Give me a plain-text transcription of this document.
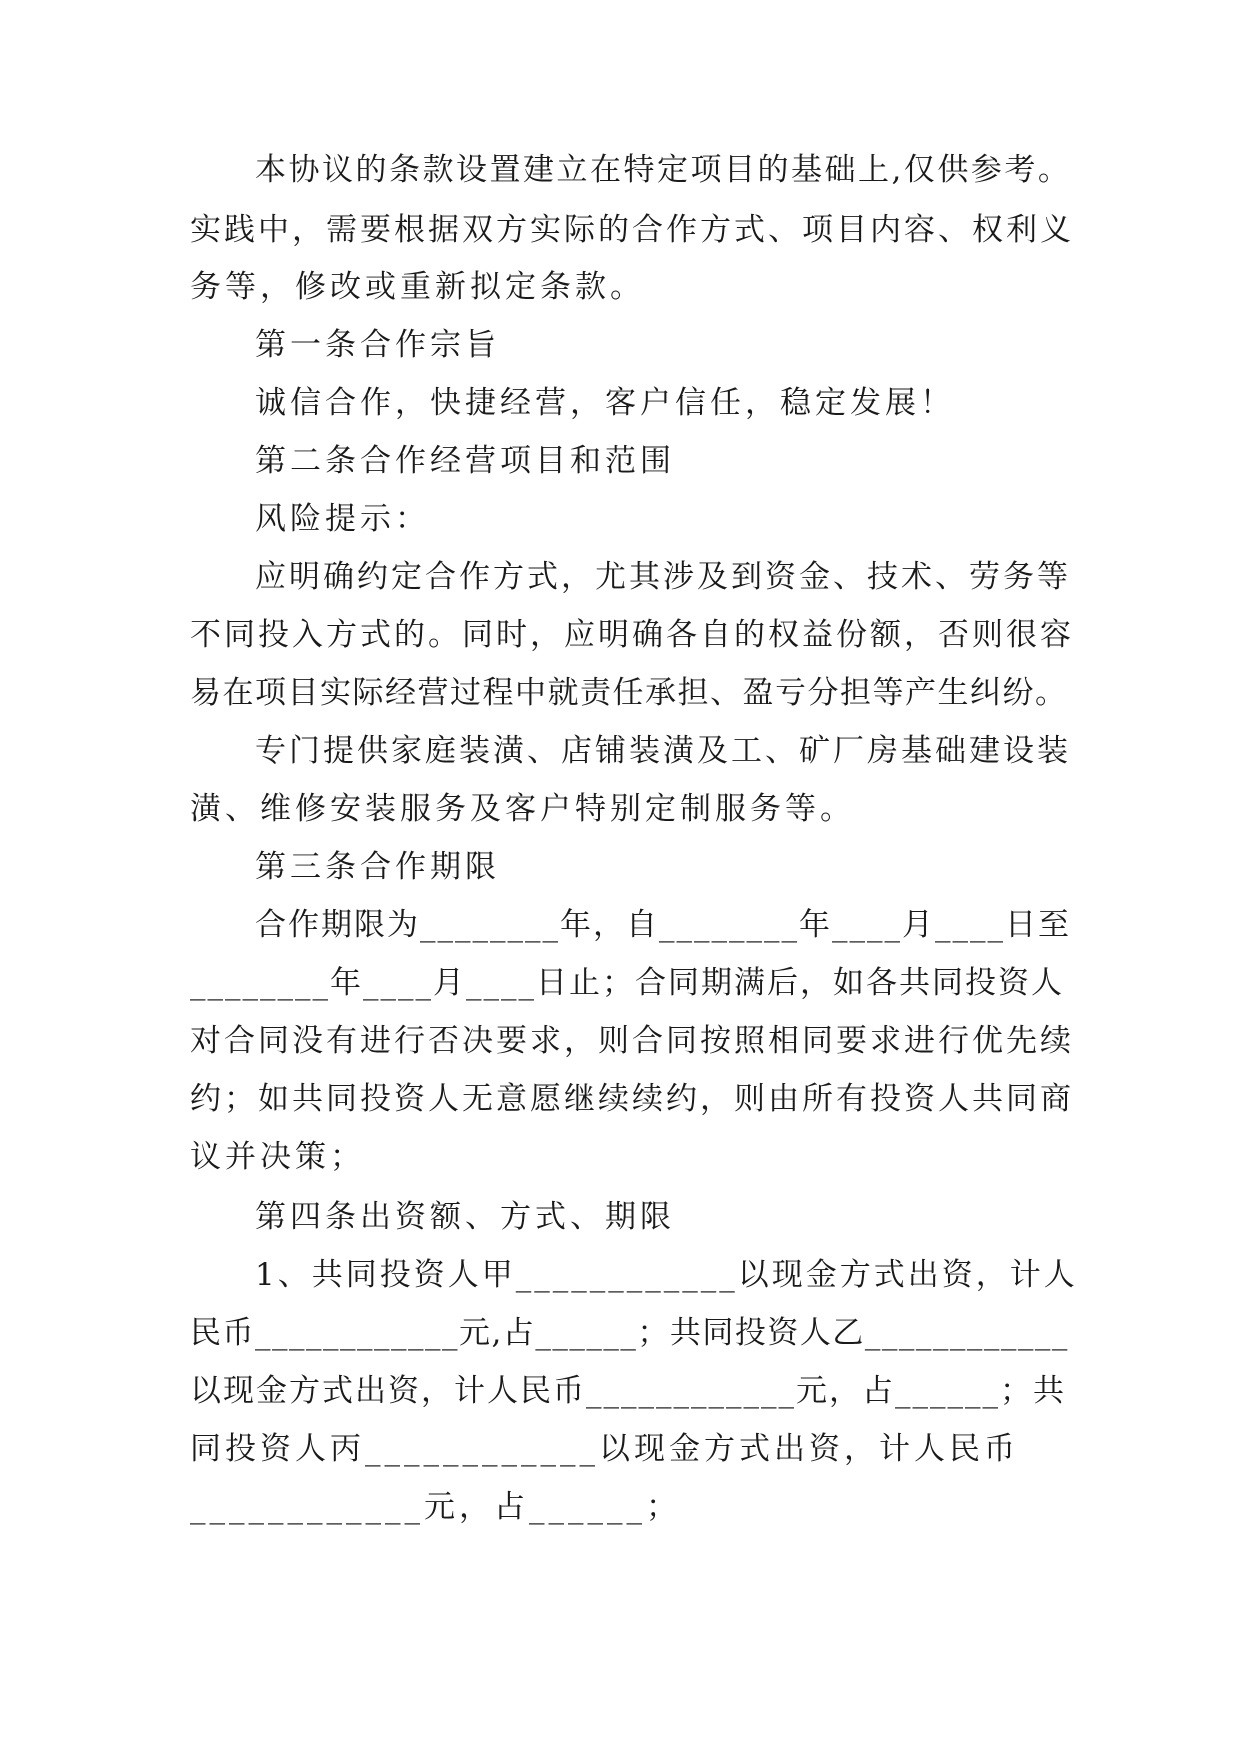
本协议的条款设置建立在特定项目的基础上,仅供参考。

实践中，需要根据双方实际的合作方式、项目内容、权利义

务等，修改或重新拟定条款。

第一条合作宗旨

诚信合作，快捷经营，客户信任，稳定发展！

第二条合作经营项目和范围

风险提示：

应明确约定合作方式，尤其涉及到资金、技术、劳务等

不同投入方式的。同时，应明确各自的权益份额，否则很容

易在项目实际经营过程中就责任承担、盈亏分担等产生纠纷。

专门提供家庭装潢、店铺装潢及工、矿厂房基础建设装

潢、维修安装服务及客户特别定制服务等。

第三条合作期限

合作期限为________年，自________年____月____日至

________年____月____日止；合同期满后，如各共同投资人

对合同没有进行否决要求，则合同按照相同要求进行优先续

约；如共同投资人无意愿继续续约，则由所有投资人共同商

议并决策；

第四条出资额、方式、期限

1、共同投资人甲____________以现金方式出资，计人

民币____________元,占______；共同投资人乙____________

以现金方式出资，计人民币____________元，占______；共

同投资人丙____________以现金方式出资，计人民币

____________元，占______；
